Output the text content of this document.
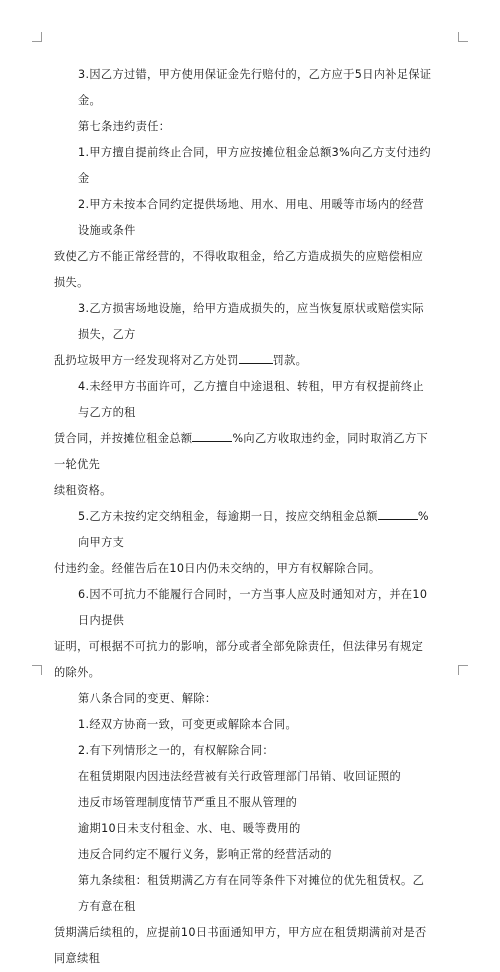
3.因乙方过错，甲方使用保证金先行赔付的，乙方应于5日内补足保证金。

第七条违约责任：

1.甲方擅自提前终止合同，甲方应按摊位租金总额3%向乙方支付违约金

2.甲方未按本合同约定提供场地、用水、用电、用暖等市场内的经营设施或条件
致使乙方不能正常经营的，不得收取租金，给乙方造成损失的应赔偿相应损失。

3.乙方损害场地设施，给甲方造成损失的，应当恢复原状或赔偿实际损失，乙方
乱扔垃圾甲方一经发现将对乙方处罚	罚款。

4.未经甲方书面许可，乙方擅自中途退租、转租，甲方有权提前终止与乙方的租
赁合同，并按摊位租金总额	%向乙方收取违约金，同时取消乙方下一轮优先
续租资格。

5.乙方未按约定交纳租金，每逾期一日，按应交纳租金总额	%向甲方支
付违约金。经催告后在10日内仍未交纳的，甲方有权解除合同。

6.因不可抗力不能履行合同时，一方当事人应及时通知对方，并在10日内提供
证明，可根据不可抗力的影响，部分或者全部免除责任，但法律另有规定的除外。

第八条合同的变更、解除：

1.经双方协商一致，可变更或解除本合同。

2.有下列情形之一的，有权解除合同：

在租赁期限内因违法经营被有关行政管理部门吊销、收回证照的

违反市场管理制度情节严重且不服从管理的

逾期10日未支付租金、水、电、暖等费用的

违反合同约定不履行义务，影响正常的经营活动的

第九条续租：租赁期满乙方有在同等条件下对摊位的优先租赁权。乙方有意在租
赁期满后续租的，应提前10日书面通知甲方，甲方应在租赁期满前对是否同意续租
